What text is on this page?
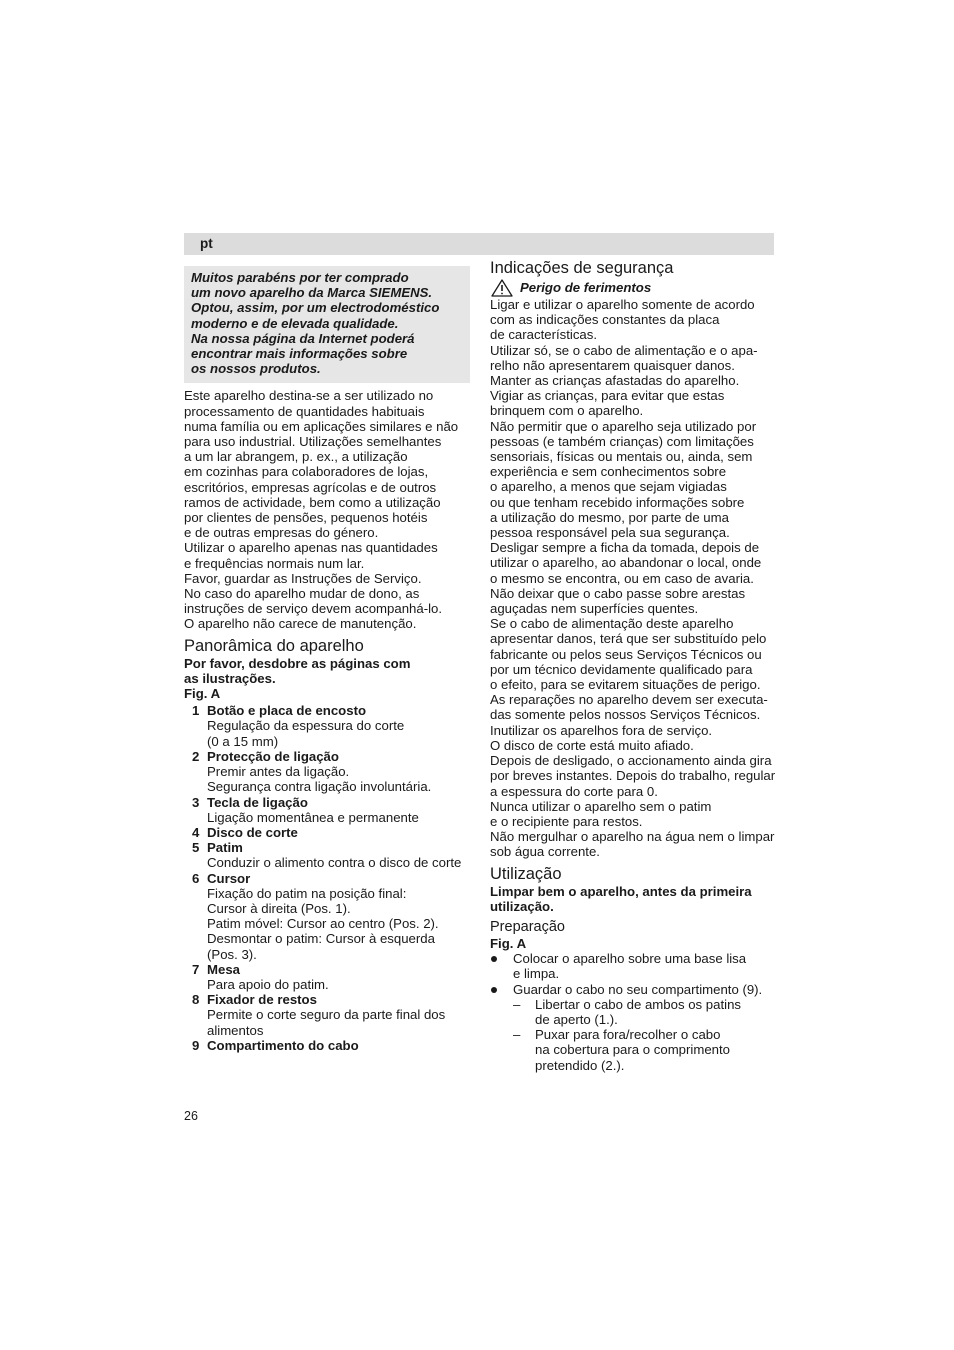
pt
Muitos parabéns por ter comprado
um novo aparelho da Marca SIEMENS.
Optou, assim, por um electrodoméstico
moderno e de elevada qualidade.
Na nossa página da Internet poderá
encontrar mais informações sobre
os nossos produtos.
Este aparelho destina-se a ser utilizado no
processamento de quantidades habituais
numa família ou em aplicações similares e não
para uso industrial. Utilizações semelhantes
a um lar abrangem, p. ex., a utilização
em cozinhas para colaboradores de lojas,
escritórios, empresas agrícolas e de outros
ramos de actividade, bem como a utilização
por clientes de pensões, pequenos hotéis
e de outras empresas do género.
Utilizar o aparelho apenas nas quantidades
e frequências normais num lar.
Favor, guardar as Instruções de Serviço.
No caso do aparelho mudar de dono, as
instruções de serviço devem acompanhá-lo.
O aparelho não carece de manutenção.
Panorâmica do aparelho
Por favor, desdobre as páginas com
as ilustrações.
Fig. A
1 Botão e placa de encosto
Regulação da espessura do corte
(0 a 15 mm)
2 Protecção de ligação
Premir antes da ligação.
Segurança contra ligação involuntária.
3 Tecla de ligação
Ligação momentânea e permanente
4 Disco de corte
5 Patim
Conduzir o alimento contra o disco de corte
6 Cursor
Fixação do patim na posição final:
Cursor à direita (Pos. 1).
Patim móvel: Cursor ao centro (Pos. 2).
Desmontar o patim: Cursor à esquerda
(Pos. 3).
7 Mesa
Para apoio do patim.
8 Fixador de restos
Permite o corte seguro da parte final dos
alimentos
9 Compartimento do cabo
Indicações de segurança
Perigo de ferimentos
Ligar e utilizar o aparelho somente de acordo
com as indicações constantes da placa
de características.
Utilizar só, se o cabo de alimentação e o apa-
relho não apresentarem quaisquer danos.
Manter as crianças afastadas do aparelho.
Vigiar as crianças, para evitar que estas
brinquem com o aparelho.
Não permitir que o aparelho seja utilizado por
pessoas (e também crianças) com limitações
sensoriais, físicas ou mentais ou, ainda, sem
experiência e sem conhecimentos sobre
o aparelho, a menos que sejam vigiadas
ou que tenham recebido informações sobre
a utilização do mesmo, por parte de uma
pessoa responsável pela sua segurança.
Desligar sempre a ficha da tomada, depois de
utilizar o aparelho, ao abandonar o local, onde
o mesmo se encontra, ou em caso de avaria.
Não deixar que o cabo passe sobre arestas
aguçadas nem superfícies quentes.
Se o cabo de alimentação deste aparelho
apresentar danos, terá que ser substituído pelo
fabricante ou pelos seus Serviços Técnicos ou
por um técnico devidamente qualificado para
o efeito, para se evitarem situações de perigo.
As reparações no aparelho devem ser executa-
das somente pelos nossos Serviços Técnicos.
Inutilizar os aparelhos fora de serviço.
O disco de corte está muito afiado.
Depois de desligado, o accionamento ainda gira
por breves instantes. Depois do trabalho, regular
a espessura do corte para 0.
Nunca utilizar o aparelho sem o patim
e o recipiente para restos.
Não mergulhar o aparelho na água nem o limpar
sob água corrente.
Utilização
Limpar bem o aparelho, antes da primeira
utilização.
Preparação
Fig. A
Colocar o aparelho sobre uma base lisa
e limpa.
Guardar o cabo no seu compartimento (9).
– Libertar o cabo de ambos os patins
de aperto (1.).
– Puxar para fora/recolher o cabo
na cobertura para o comprimento
pretendido (2.).
26
